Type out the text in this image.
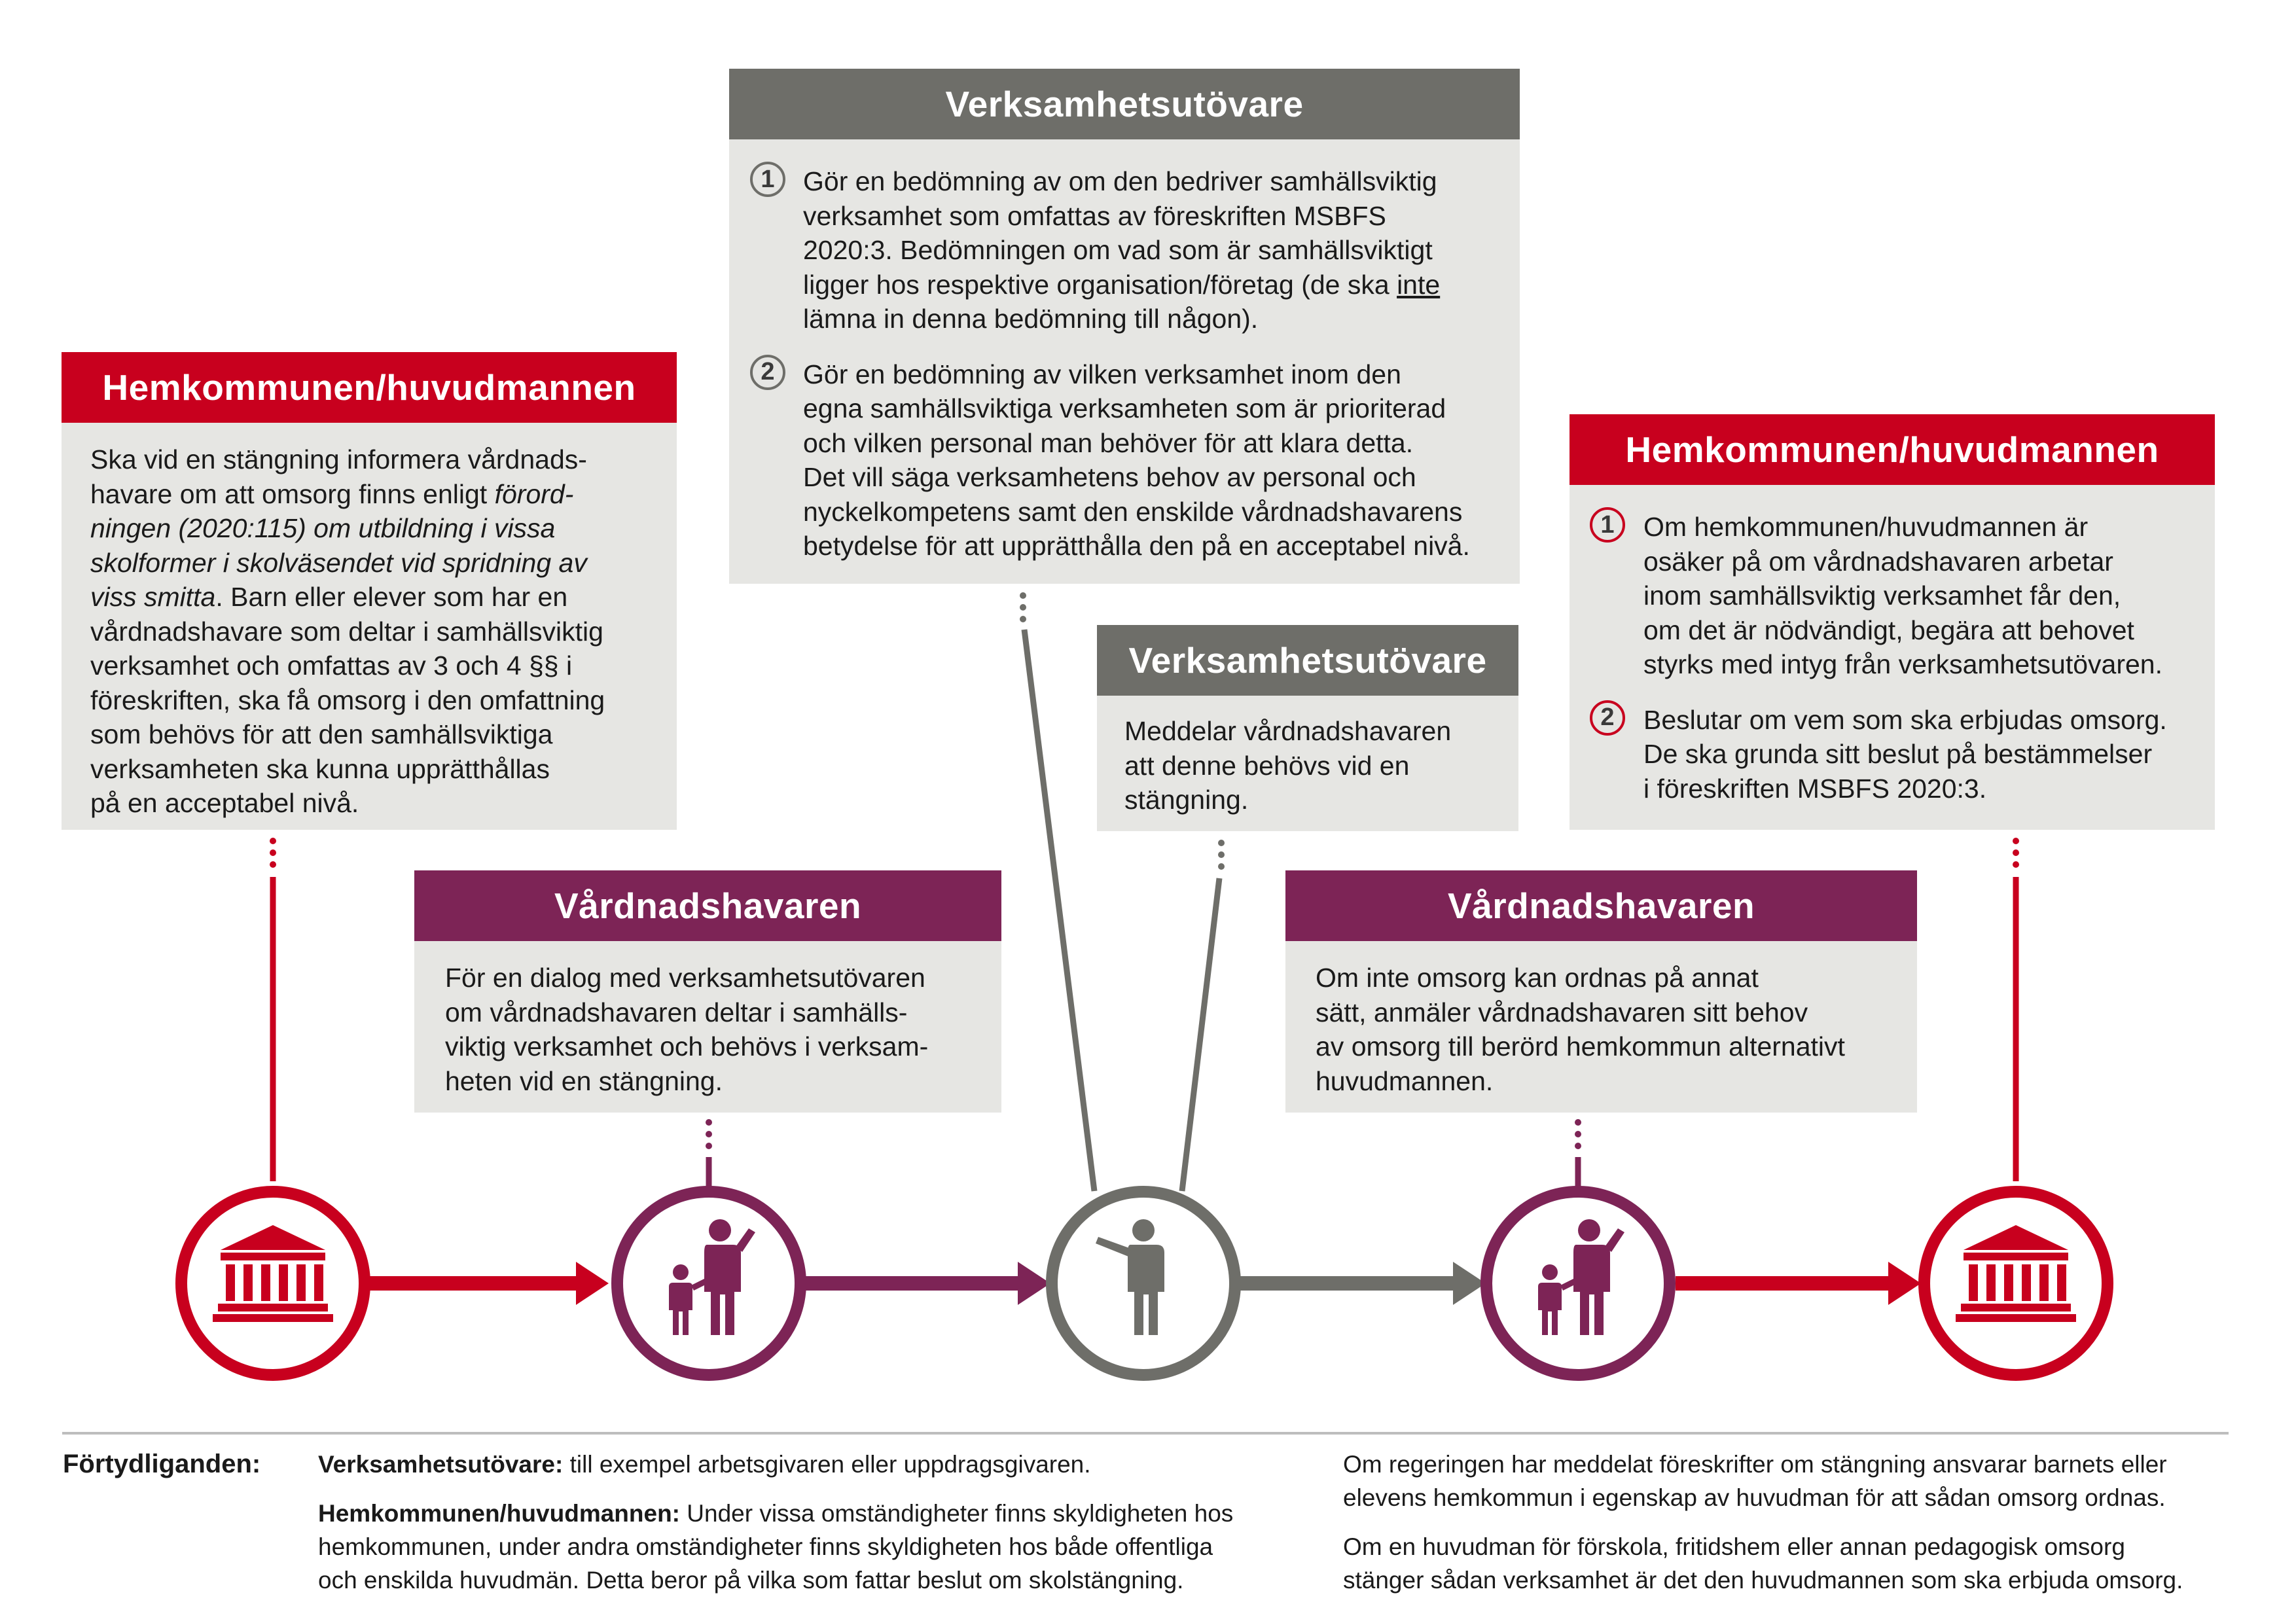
Verksamhetsutövare
1	Gör en bedömning av om den bedriver samhällsviktig
verksamhet som omfattas av föreskriften MSBFS
2020:3. Bedömningen om vad som är samhällsviktigt
ligger hos respektive organisation/företag (de ska inte
lämna in denna bedömning till någon).
2	Gör en bedömning av vilken verksamhet inom den
egna samhällsviktiga verksamheten som är prioriterad
och vilken personal man behöver för att klara detta.
Det vill säga verksamhetens behov av personal och
nyckelkompetens samt den enskilde vårdnadshavarens
betydelse för att upprätthålla den på en acceptabel nivå.
Hemkommunen/huvudmannen
Ska vid en stängning informera vårdnads-
havare om att omsorg finns enligt förord-
ningen (2020:115) om utbildning i vissa
skolformer i skolväsendet vid spridning av
viss smitta. Barn eller elever som har en
vårdnadshavare som deltar i samhällsviktig
verksamhet och omfattas av 3 och 4 §§ i
föreskriften, ska få omsorg i den omfattning
som behövs för att den samhällsviktiga
verksamheten ska kunna upprätthållas
på en acceptabel nivå.
Verksamhetsutövare
Meddelar vårdnadshavaren
att denne behövs vid en
stängning.
Hemkommunen/huvudmannen
1	Om hemkommunen/huvudmannen är
osäker på om vårdnadshavaren arbetar
inom samhällsviktig verksamhet får den,
om det är nödvändigt, begära att behovet
styrks med intyg från verksamhetsutövaren.
2	Beslutar om vem som ska erbjudas omsorg.
De ska grunda sitt beslut på bestämmelser
i föreskriften MSBFS 2020:3.
Vårdnadshavaren
För en dialog med verksamhetsutövaren
om vårdnadshavaren deltar i samhälls-
viktig verksamhet och behövs i verksam-
heten vid en stängning.
Vårdnadshavaren
Om inte omsorg kan ordnas på annat
sätt, anmäler vårdnadshavaren sitt behov
av omsorg till berörd hemkommun alternativt
huvudmannen.
Förtydliganden: Verksamhetsutövare: till exempel arbetsgivaren eller uppdragsgivaren.
Hemkommunen/huvudmannen: Under vissa omständigheter finns skyldigheten hos
hemkommunen, under andra omständigheter finns skyldigheten hos både offentliga
och enskilda huvudmän. Detta beror på vilka som fattar beslut om skolstängning.
Om regeringen har meddelat föreskrifter om stängning ansvarar barnets eller
elevens hemkommun i egenskap av huvudman för att sådan omsorg ordnas.
Om en huvudman för förskola, fritidshem eller annan pedagogisk omsorg
stänger sådan verksamhet är det den huvudmannen som ska erbjuda omsorg.
